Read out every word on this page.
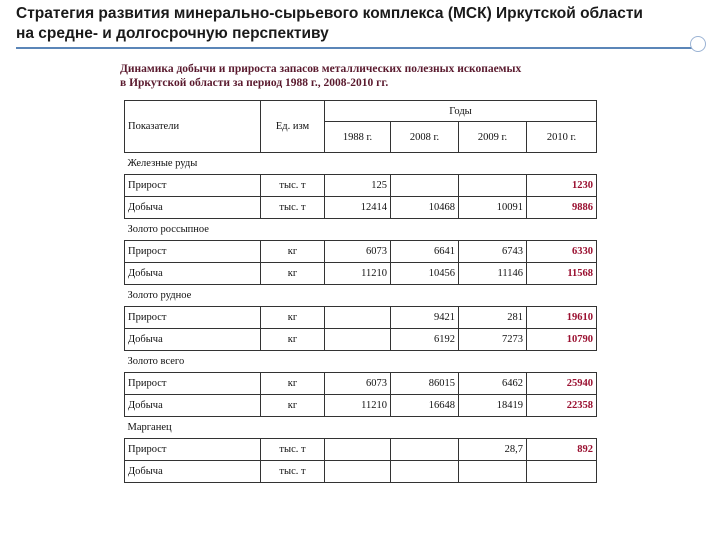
Стратегия развития минерально-сырьевого комплекса (МСК) Иркутской области
на средне- и долгосрочную перспективу
Динамика добычи и прироста запасов металлических полезных ископаемых
в Иркутской области за период 1988 г., 2008-2010 гг.
Показатели	Ед. изм	Годы			
		1988 г.	2008 г.	2009 г.	2010 г.
Железные руды					
Прирост	тыс. т	125			1230
Добыча	тыс. т	12414	10468	10091	9886
Золото россыпное					
Прирост	кг	6073	6641	6743	6330
Добыча	кг	11210	10456	11146	11568
Золото рудное					
Прирост	кг		9421	281	19610
Добыча	кг		6192	7273	10790
Золото всего					
Прирост	кг	6073	86015	6462	25940
Добыча	кг	11210	16648	18419	22358
Марганец					
Прирост	тыс. т			28,7	892
Добыча	тыс. т				
